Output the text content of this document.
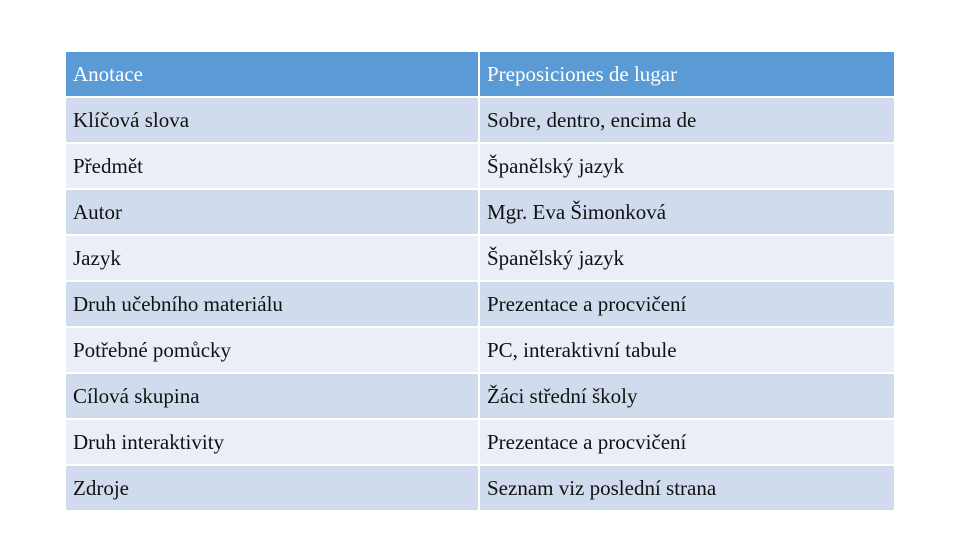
Anotace	Preposiciones de lugar
Klíčová slova	Sobre, dentro, encima de
Předmět	Španělský jazyk
Autor	Mgr. Eva Šimonková
Jazyk	Španělský jazyk
Druh učebního materiálu	Prezentace a procvičení
Potřebné pomůcky	PC, interaktivní tabule
Cílová skupina	Žáci střední školy
Druh interaktivity	Prezentace a procvičení
Zdroje	Seznam viz poslední strana
